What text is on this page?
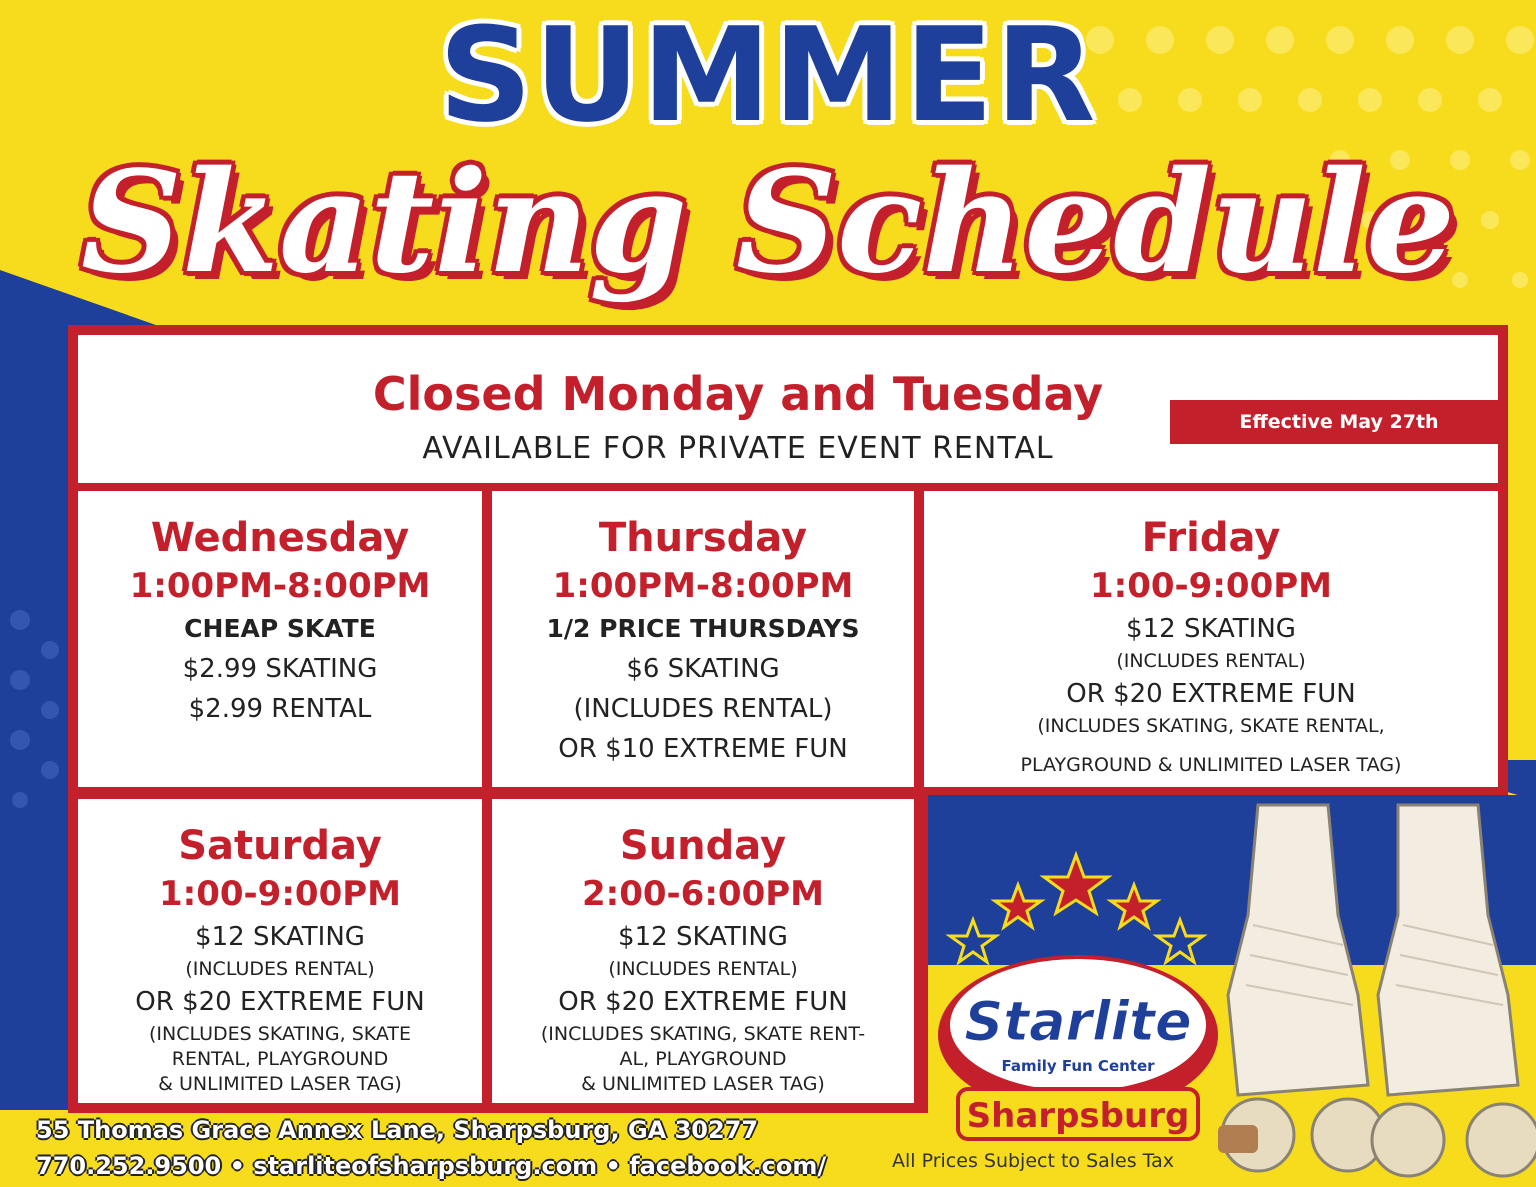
SUMMER
Skating Schedule
Closed Monday and Tuesday
AVAILABLE FOR PRIVATE EVENT RENTAL
Effective May 27th
Wednesday
1:00PM-8:00PM
CHEAP SKATE
$2.99 SKATING
$2.99 RENTAL
Thursday
1:00PM-8:00PM
1/2 PRICE THURSDAYS
$6 SKATING
(INCLUDES RENTAL)
OR $10 EXTREME FUN
Friday
1:00-9:00PM
$12 SKATING
(INCLUDES RENTAL)
OR $20 EXTREME FUN
(INCLUDES SKATING, SKATE RENTAL,
PLAYGROUND & UNLIMITED LASER TAG)
Saturday
1:00-9:00PM
$12 SKATING
(INCLUDES RENTAL)
OR $20 EXTREME FUN
(INCLUDES SKATING, SKATE
RENTAL, PLAYGROUND
& UNLIMITED LASER TAG)
Sunday
2:00-6:00PM
$12 SKATING
(INCLUDES RENTAL)
OR $20 EXTREME FUN
(INCLUDES SKATING, SKATE RENT-
AL, PLAYGROUND
& UNLIMITED LASER TAG)
Starlite
Family Fun Center
Sharpsburg
55 Thomas Grace Annex Lane, Sharpsburg, GA 30277
770.252.9500 • starliteofsharpsburg.com • facebook.com/	All Prices Subject to Sales Tax
